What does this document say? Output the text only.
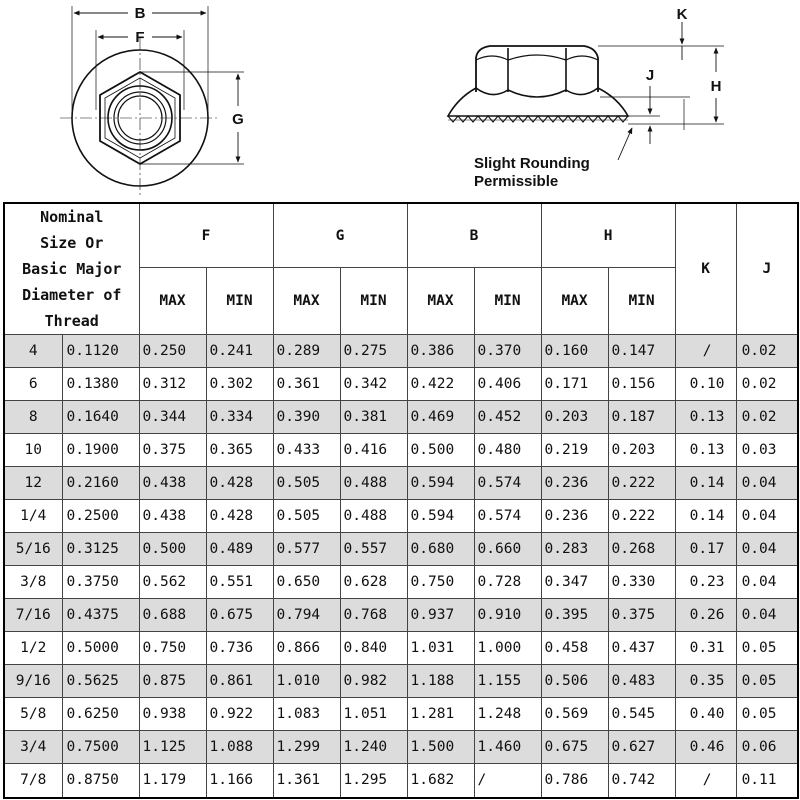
B
F
G
K
J
H
Slight Rounding
Permissible
Nominal
Size Or
Basic Major
Diameter of
Thread		F		G		B		H		K	J
		MAX	MIN	MAX	MIN	MAX	MIN	MAX	MIN		
4	0.1120	0.250	0.241	0.289	0.275	0.386	0.370	0.160	0.147	/	0.02
6	0.1380	0.312	0.302	0.361	0.342	0.422	0.406	0.171	0.156	0.10	0.02
8	0.1640	0.344	0.334	0.390	0.381	0.469	0.452	0.203	0.187	0.13	0.02
10	0.1900	0.375	0.365	0.433	0.416	0.500	0.480	0.219	0.203	0.13	0.03
12	0.2160	0.438	0.428	0.505	0.488	0.594	0.574	0.236	0.222	0.14	0.04
1/4	0.2500	0.438	0.428	0.505	0.488	0.594	0.574	0.236	0.222	0.14	0.04
5/16	0.3125	0.500	0.489	0.577	0.557	0.680	0.660	0.283	0.268	0.17	0.04
3/8	0.3750	0.562	0.551	0.650	0.628	0.750	0.728	0.347	0.330	0.23	0.04
7/16	0.4375	0.688	0.675	0.794	0.768	0.937	0.910	0.395	0.375	0.26	0.04
1/2	0.5000	0.750	0.736	0.866	0.840	1.031	1.000	0.458	0.437	0.31	0.05
9/16	0.5625	0.875	0.861	1.010	0.982	1.188	1.155	0.506	0.483	0.35	0.05
5/8	0.6250	0.938	0.922	1.083	1.051	1.281	1.248	0.569	0.545	0.40	0.05
3/4	0.7500	1.125	1.088	1.299	1.240	1.500	1.460	0.675	0.627	0.46	0.06
7/8	0.8750	1.179	1.166	1.361	1.295	1.682	/	0.786	0.742	/	0.11
